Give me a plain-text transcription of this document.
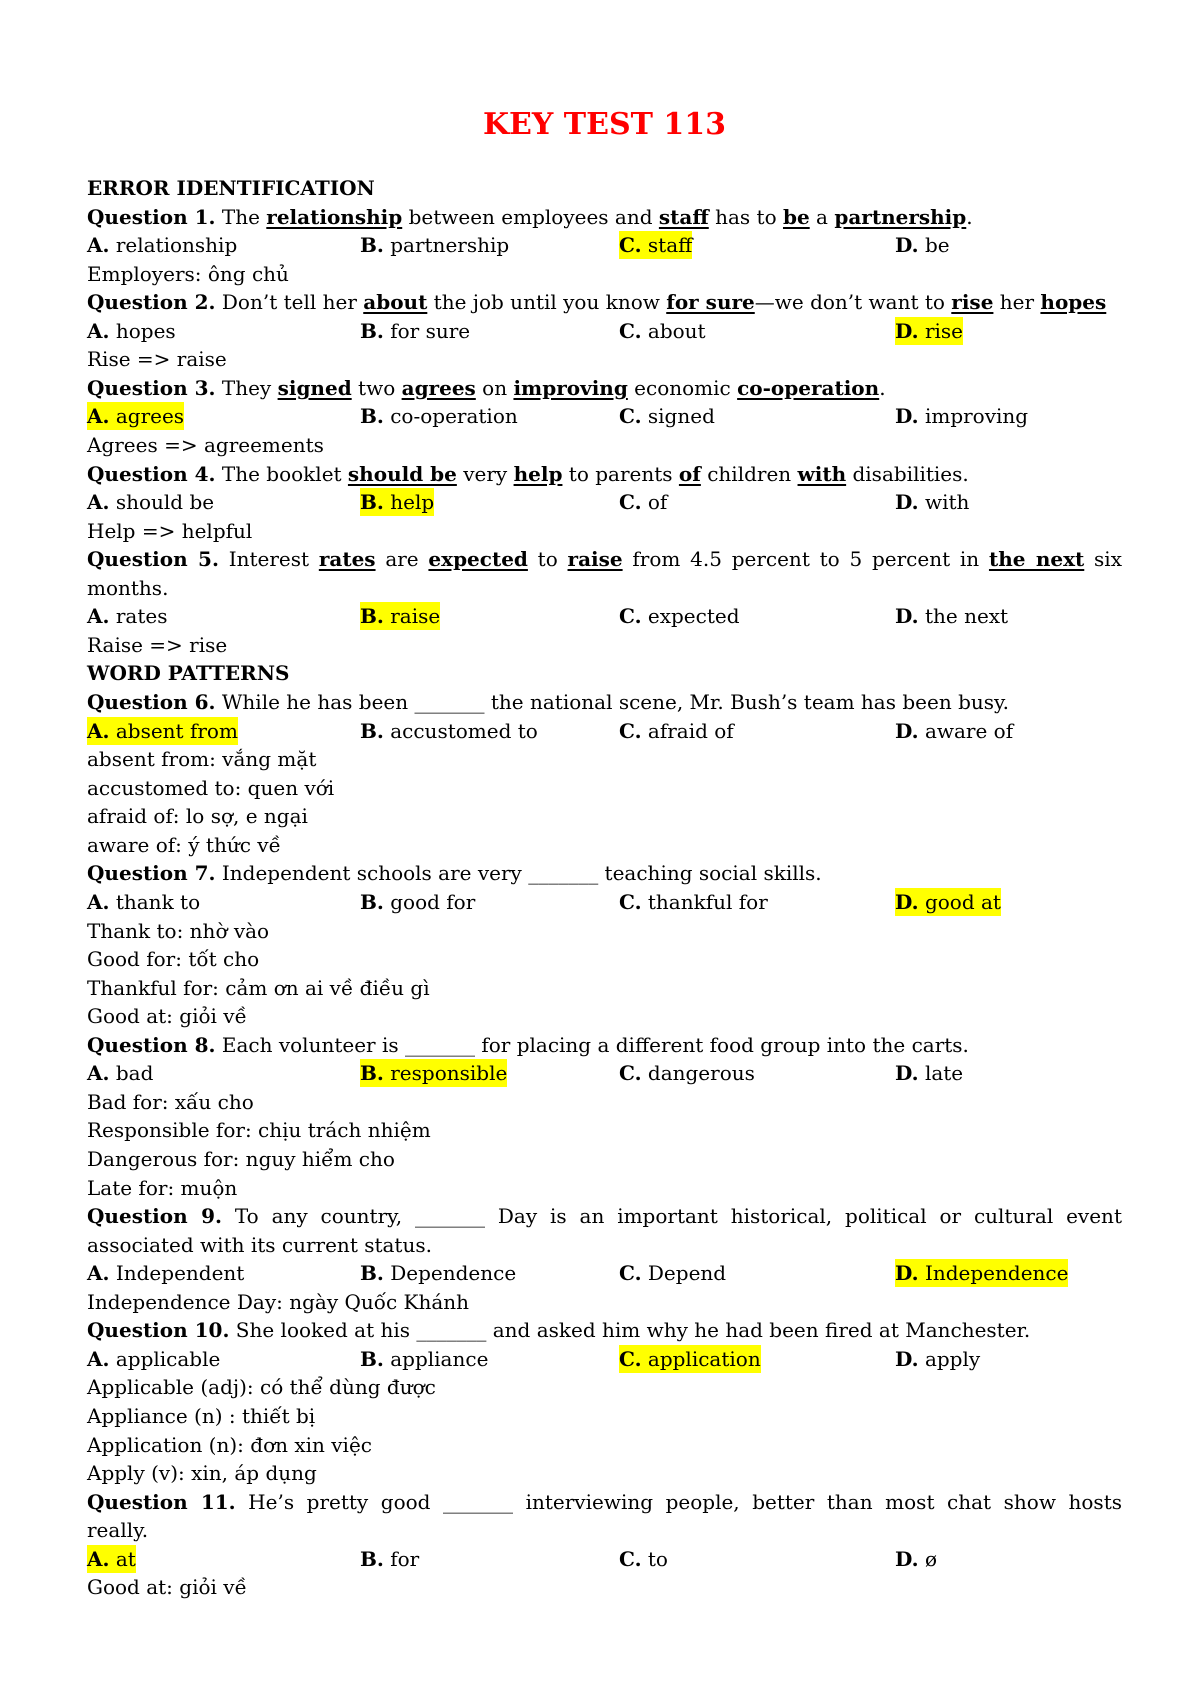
KEY TEST 113
ERROR IDENTIFICATION
Question 1. The relationship between employees and staff has to be a partnership.
A. relationship	B. partnership	C. staff	D. be
Employers: ông chủ
Question 2. Don’t tell her about the job until you know for sure—we don’t want to rise her hopes
A. hopes	B. for sure	C. about	D. rise
Rise => raise
Question 3. They signed two agrees on improving economic co-operation.
A. agrees	B. co-operation	C. signed	D. improving
Agrees => agreements
Question 4. The booklet should be very help to parents of children with disabilities.
A. should be	B. help	C. of	D. with
Help => helpful
Question 5. Interest rates are expected to raise from 4.5 percent to 5 percent in the next six months.
A. rates	B. raise	C. expected	D. the next
Raise => rise
WORD PATTERNS
Question 6. While he has been _______ the national scene, Mr. Bush’s team has been busy.
A. absent from	B. accustomed to	C. afraid of	D. aware of
absent from: vắng mặt
accustomed to: quen với
afraid of: lo sợ, e ngại
aware of: ý thức về
Question 7. Independent schools are very _______ teaching social skills.
A. thank to	B. good for	C. thankful for	D. good at
Thank to: nhờ vào
Good for: tốt cho
Thankful for: cảm ơn ai về điều gì
Good at: giỏi về
Question 8. Each volunteer is _______ for placing a different food group into the carts.
A. bad	B. responsible	C. dangerous	D. late
Bad for: xấu cho
Responsible for: chịu trách nhiệm
Dangerous for: nguy hiểm cho
Late for: muộn
Question 9. To any country, _______ Day is an important historical, political or cultural event associated with its current status.
A. Independent	B. Dependence	C. Depend	D. Independence
Independence Day: ngày Quốc Khánh
Question 10. She looked at his _______ and asked him why he had been fired at Manchester.
A. applicable	B. appliance	C. application	D. apply
Applicable (adj): có thể dùng được
Appliance (n) : thiết bị
Application (n): đơn xin việc
Apply (v): xin, áp dụng
Question 11. He’s pretty good _______ interviewing people, better than most chat show hosts really.
A. at	B. for	C. to	D. ø
Good at: giỏi về
